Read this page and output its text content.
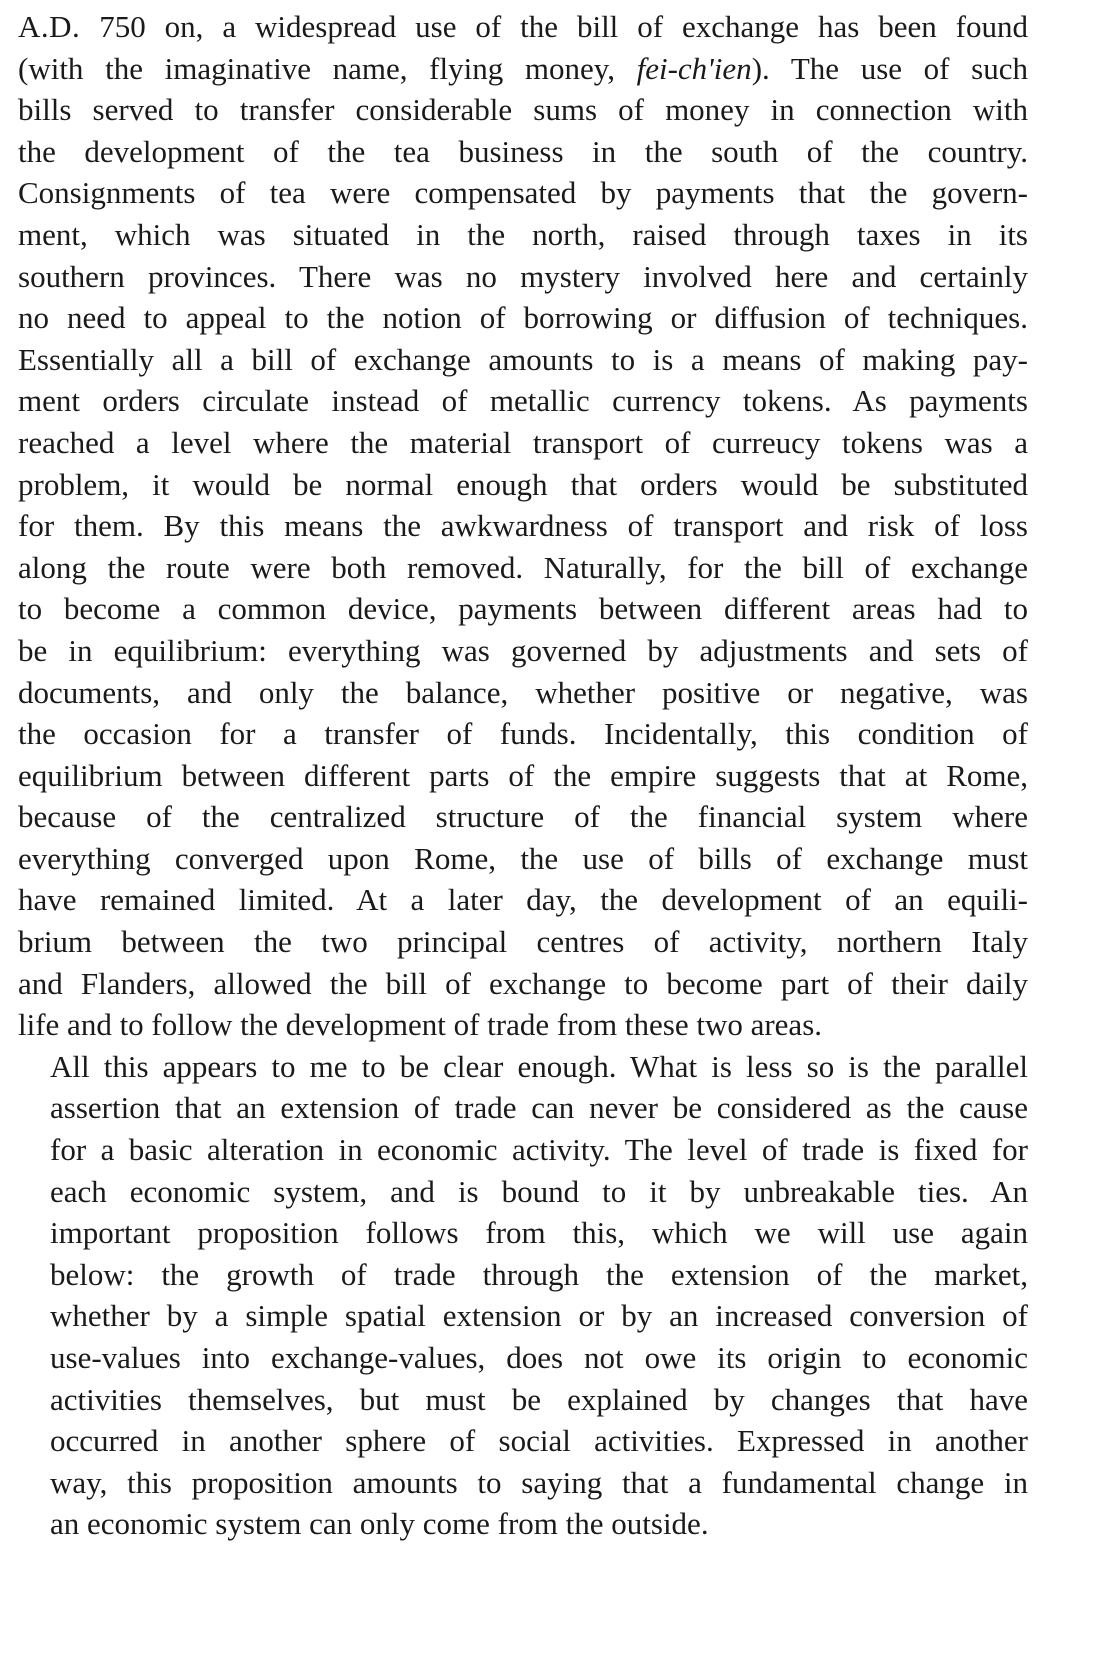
A.D. 750 on, a widespread use of the bill of exchange has been found
(with the imaginative name, flying money, fei-ch'ien). The use of such
bills served to transfer considerable sums of money in connection with
the development of the tea business in the south of the country.
Consignments of tea were compensated by payments that the govern-
ment, which was situated in the north, raised through taxes in its
southern provinces. There was no mystery involved here and certainly
no need to appeal to the notion of borrowing or diffusion of techniques.
Essentially all a bill of exchange amounts to is a means of making pay-
ment orders circulate instead of metallic currency tokens. As payments
reached a level where the material transport of curreucy tokens was a
problem, it would be normal enough that orders would be substituted
for them. By this means the awkwardness of transport and risk of loss
along the route were both removed. Naturally, for the bill of exchange
to become a common device, payments between different areas had to
be in equilibrium: everything was governed by adjustments and sets of
documents, and only the balance, whether positive or negative, was
the occasion for a transfer of funds. Incidentally, this condition of
equilibrium between different parts of the empire suggests that at Rome,
because of the centralized structure of the financial system where
everything converged upon Rome, the use of bills of exchange must
have remained limited. At a later day, the development of an equili-
brium between the two principal centres of activity, northern Italy
and Flanders, allowed the bill of exchange to become part of their daily
life and to follow the development of trade from these two areas.

All this appears to me to be clear enough. What is less so is the parallel
assertion that an extension of trade can never be considered as the cause
for a basic alteration in economic activity. The level of trade is fixed for
each economic system, and is bound to it by unbreakable ties. An
important proposition follows from this, which we will use again
below: the growth of trade through the extension of the market,
whether by a simple spatial extension or by an increased conversion of
use-values into exchange-values, does not owe its origin to economic
activities themselves, but must be explained by changes that have
occurred in another sphere of social activities. Expressed in another
way, this proposition amounts to saying that a fundamental change in
an economic system can only come from the outside.
